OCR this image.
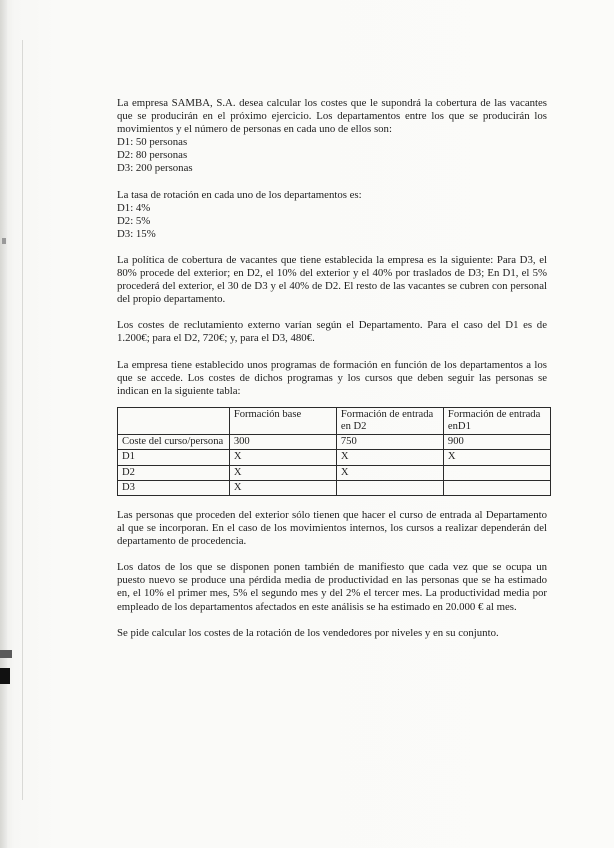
La empresa SAMBA, S.A. desea calcular los costes que le supondrá la cobertura de las vacantes que se producirán en el próximo ejercicio. Los departamentos entre los que se producirán los movimientos y el número de personas en cada uno de ellos son:

D1: 50 personas

D2: 80 personas

D3: 200 personas

La tasa de rotación en cada uno de los departamentos es:

D1: 4%

D2: 5%

D3: 15%

La política de cobertura de vacantes que tiene establecida la empresa es la siguiente: Para D3, el 80% procede del exterior; en D2, el 10% del exterior y el 40% por traslados de D3; En D1, el 5% procederá del exterior, el 30 de D3 y el 40% de D2. El resto de las vacantes se cubren con personal del propio departamento.

Los costes de reclutamiento externo varían según el Departamento. Para el caso del D1 es de 1.200€; para el D2, 720€; y, para el D3, 480€.

La empresa tiene establecido unos programas de formación en función de los departamentos a los que se accede. Los costes de dichos programas y los cursos que deben seguir las personas se indican en la siguiente tabla:

	Formación base	Formación de entrada en D2	Formación de entrada enD1
Coste del curso/persona	300	750	900
D1	X	X	X
D2	X	X	
D3	X		

Las personas que proceden del exterior sólo tienen que hacer el curso de entrada al Departamento al que se incorporan. En el caso de los movimientos internos, los cursos a realizar dependerán del departamento de procedencia.

Los datos de los que se disponen ponen también de manifiesto que cada vez que se ocupa un puesto nuevo se produce una pérdida media de productividad en las personas que se ha estimado en, el 10% el primer mes, 5% el segundo mes y del 2% el tercer mes. La productividad media por empleado de los departamentos afectados en este análisis se ha estimado en 20.000 € al mes.

Se pide calcular los costes de la rotación de los vendedores por niveles y en su conjunto.
